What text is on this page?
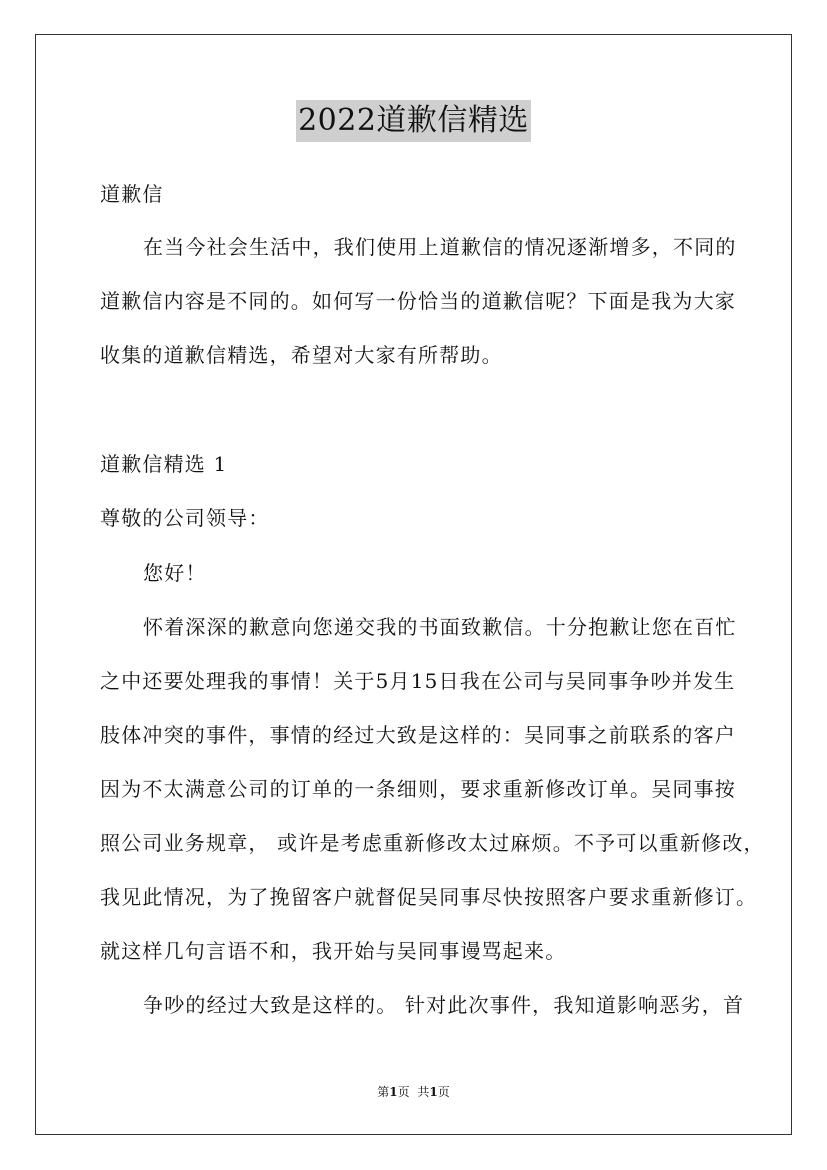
2022道歉信精选
道歉信
在当今社会生活中，我们使用上道歉信的情况逐渐增多，不同的
道歉信内容是不同的。如何写一份恰当的道歉信呢？下面是我为大家
收集的道歉信精选，希望对大家有所帮助。
道歉信精选 1
尊敬的公司领导：
您好！
怀着深深的歉意向您递交我的书面致歉信。十分抱歉让您在百忙
之中还要处理我的事情！关于5月15日我在公司与吴同事争吵并发生
肢体冲突的事件，事情的经过大致是这样的：吴同事之前联系的客户
因为不太满意公司的订单的一条细则，要求重新修改订单。吴同事按
照公司业务规章， 或许是考虑重新修改太过麻烦。不予可以重新修改，
我见此情况，为了挽留客户就督促吴同事尽快按照客户要求重新修订。
就这样几句言语不和，我开始与吴同事谩骂起来。
争吵的经过大致是这样的。 针对此次事件，我知道影响恶劣，首
第1页 共1页
